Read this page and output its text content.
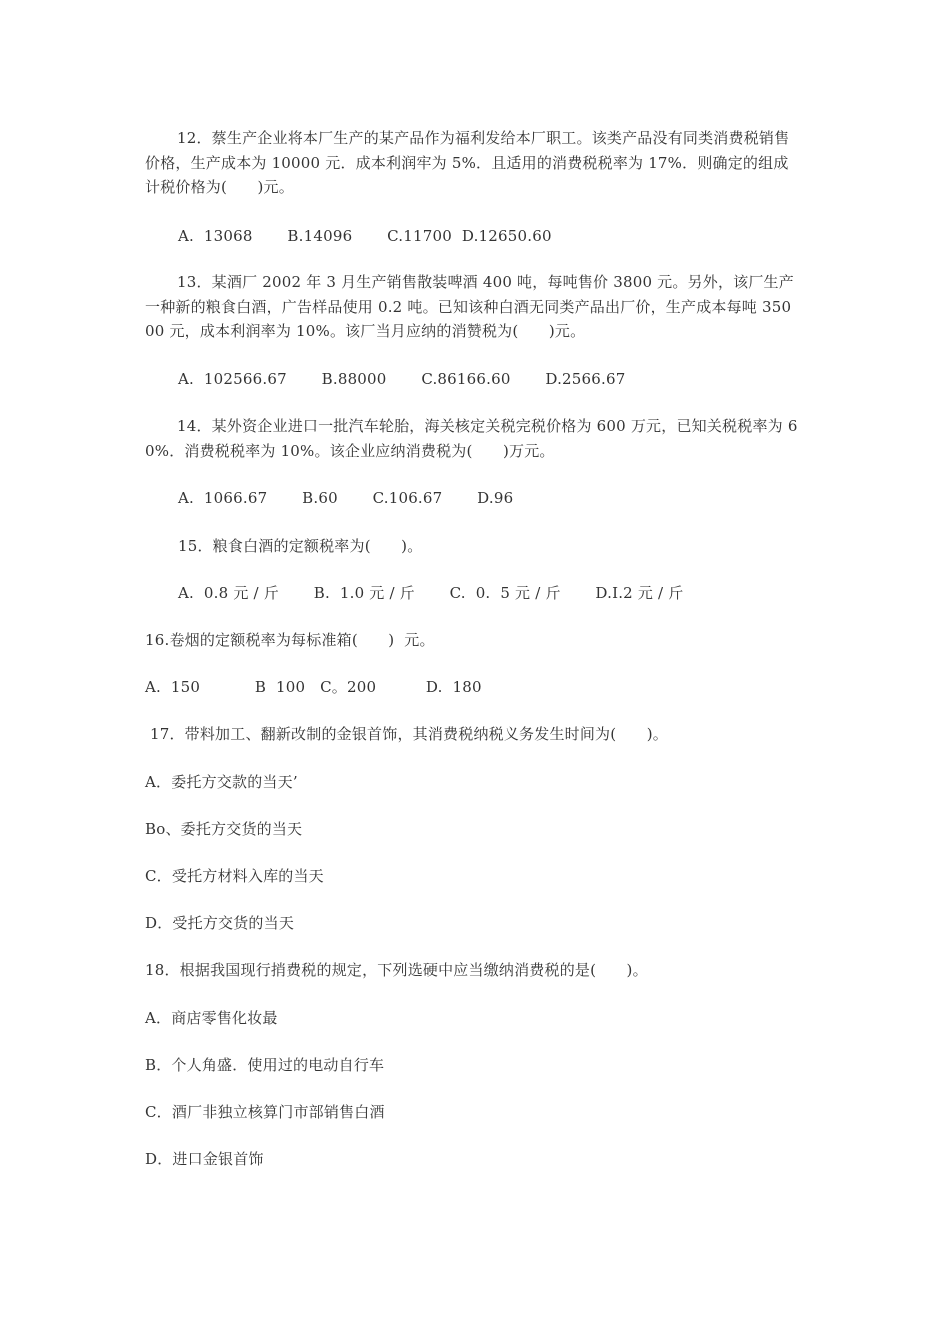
12．蔡生产企业将本厂生产的某产品作为福利发给本厂职工。该类产品没有同类消费税销售价格，生产成本为 10000 元．成本利润牢为 5%．且适用的消费税税率为 17%．则确定的组成计税价格为(　　)元。
A.  13068       B.14096       C.11700  D.12650.60
13．某酒厂 2002 年 3 月生产销售散装啤酒 400 吨，每吨售价 3800 元。另外，该厂生产一种新的粮食白酒，广告样品使用 0.2 吨。已知该种白酒无同类产品出厂价，生产成本每吨 35000 元，成本利润率为 10%。该厂当月应纳的消赞税为(　　)元。
A.  102566.67       B.88000       C.86166.60       D.2566.67
14．某外资企业进口一批汽车轮胎，海关核定关税完税价格为 600 万元，已知关税税率为 60%．消费税税率为 10%。该企业应纳消费税为(　　)万元。
A.  1066.67       B.60       C.106.67       D.96
15．粮食白酒的定额税率为(　　)。
A.  0.8 元 / 斤       B.  1.0 元 / 斤       C.  0.  5 元 / 斤       D.I.2 元 / 斤
16.卷烟的定额税率为每标准箱(　　)  元。
A.  150           B  100   C。200          D.  180
17．带料加工、翻新改制的金银首饰，其消费税纳税义务发生时间为(　　)。
A．委托方交款的当天’
Bo、委托方交货的当天
C．受托方材料入库的当天
D．受托方交货的当天
18．根据我国现行捎费税的规定，下列选硬中应当缴纳消费税的是(　　)。
A．商店零售化妆最
B．个人角盛．使用过的电动自行车
C．酒厂非独立核算门市部销售白酒
D．进口金银首饰
